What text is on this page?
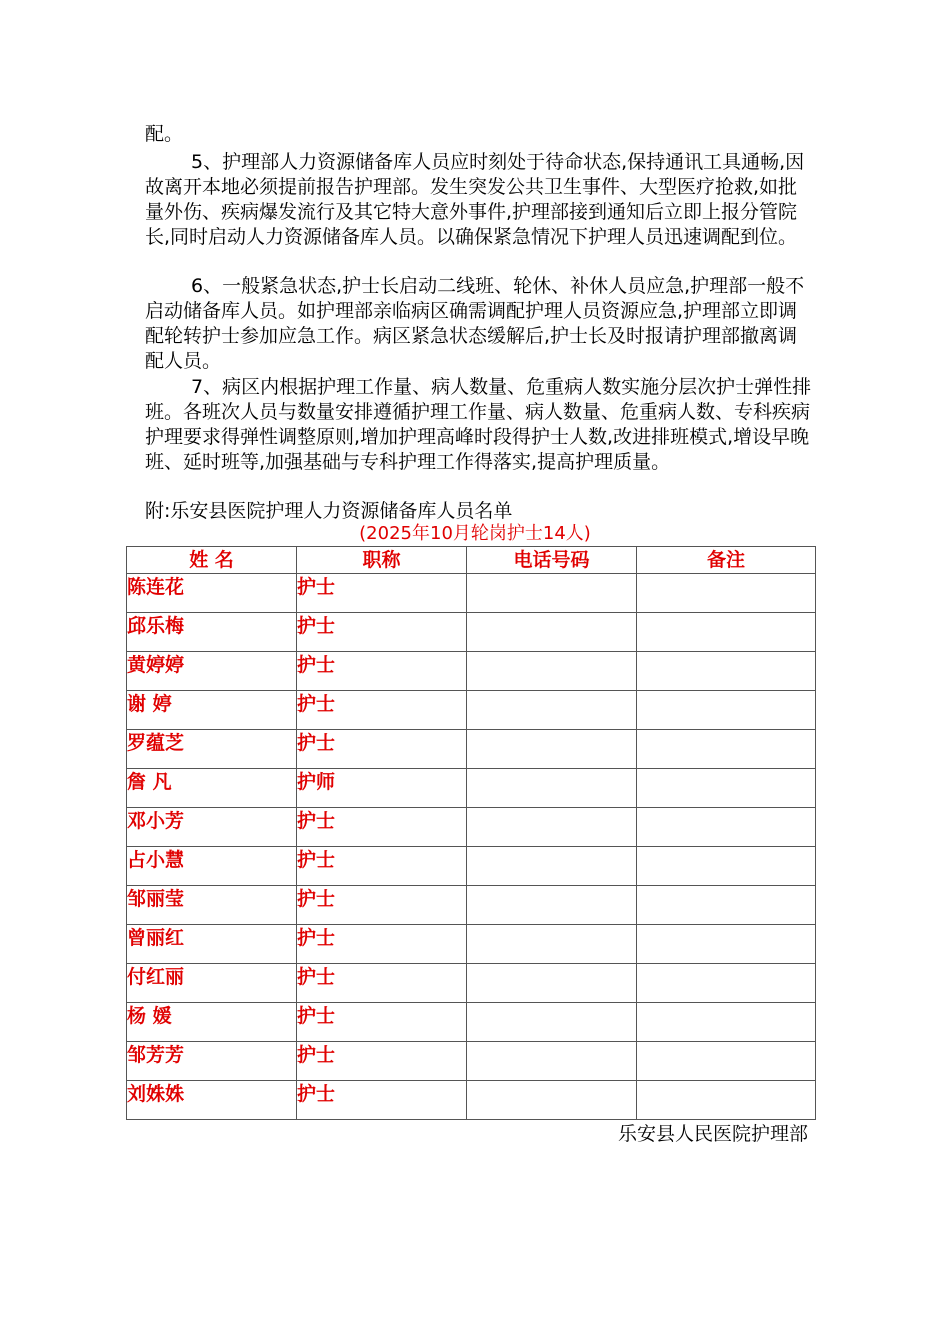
配。

5、护理部人力资源储备库人员应时刻处于待命状态,保持通讯工具通畅,因故离开本地必须提前报告护理部。发生突发公共卫生事件、大型医疗抢救,如批量外伤、疾病爆发流行及其它特大意外事件,护理部接到通知后立即上报分管院长,同时启动人力资源储备库人员。以确保紧急情况下护理人员迅速调配到位。

6、一般紧急状态,护士长启动二线班、轮休、补休人员应急,护理部一般不启动储备库人员。如护理部亲临病区确需调配护理人员资源应急,护理部立即调配轮转护士参加应急工作。病区紧急状态缓解后,护士长及时报请护理部撤离调配人员。

7、病区内根据护理工作量、病人数量、危重病人数实施分层次护士弹性排班。各班次人员与数量安排遵循护理工作量、病人数量、危重病人数、专科疾病护理要求得弹性调整原则,增加护理高峰时段得护士人数,改进排班模式,增设早晚班、延时班等,加强基础与专科护理工作得落实,提高护理质量。

附:乐安县医院护理人力资源储备库人员名单

(2025年10月轮岗护士14人)
姓 名	职称	电话号码	备注
陈连花	护士		
邱乐梅	护士		
黄婷婷	护士		
谢 婷	护士		
罗蕴芝	护士		
詹 凡	护师		
邓小芳	护士		
占小慧	护士		
邹丽莹	护士		
曾丽红	护士		
付红丽	护士		
杨 媛	护士		
邹芳芳	护士		
刘姝姝	护士		
乐安县人民医院护理部
